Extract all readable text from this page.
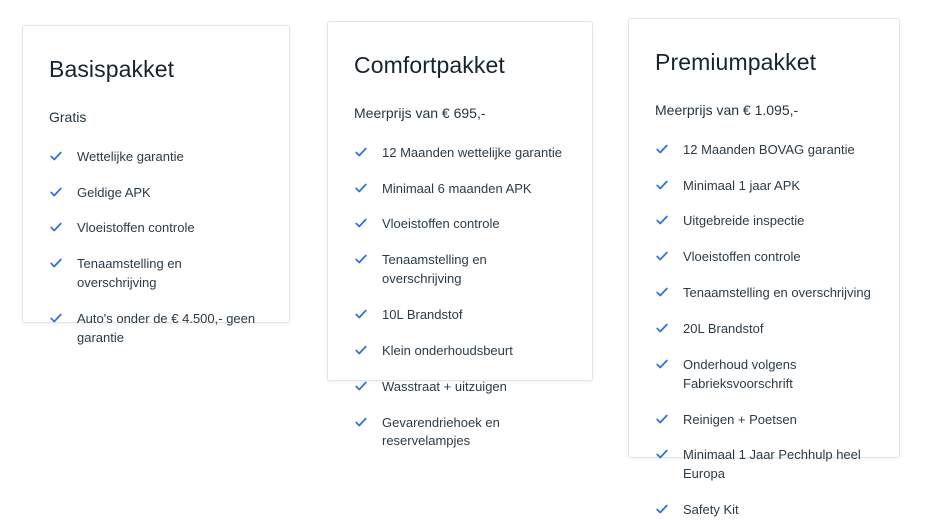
Basispakket

Gratis

Wettelijke garantie
Geldige APK
Vloeistoffen controle
Tenaamstelling en overschrijving
Auto's onder de € 4.500,- geen garantie
Comfortpakket

Meerprijs van € 695,-

12 Maanden wettelijke garantie
Minimaal 6 maanden APK
Vloeistoffen controle
Tenaamstelling en overschrijving
10L Brandstof
Klein onderhoudsbeurt
Wasstraat + uitzuigen
Gevarendriehoek en reservelampjes
Premiumpakket

Meerprijs van € 1.095,-

12 Maanden BOVAG garantie
Minimaal 1 jaar APK
Uitgebreide inspectie
Vloeistoffen controle
Tenaamstelling en overschrijving
20L Brandstof
Onderhoud volgens Fabrieksvoorschrift
Reinigen + Poetsen
Minimaal 1 Jaar Pechhulp heel Europa
Safety Kit
